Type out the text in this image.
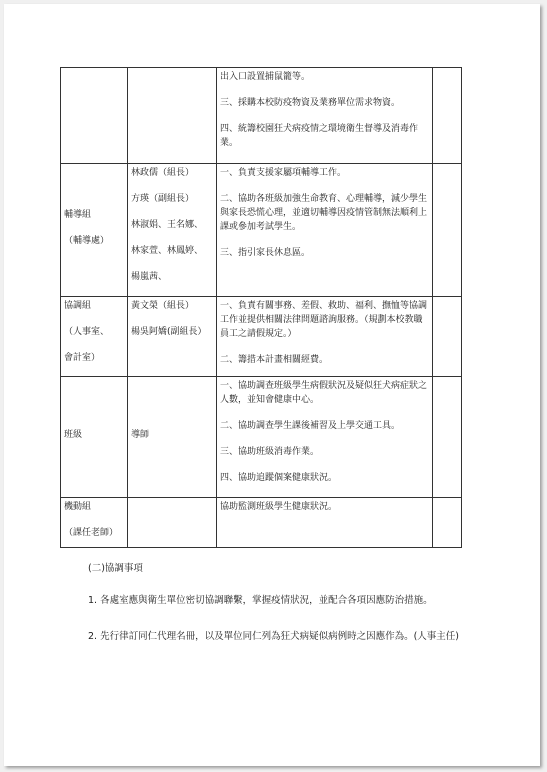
		出入口設置捕鼠籠等。
三、採購本校防疫物資及業務單位需求物資。
四、統籌校園狂犬病疫情之環境衛生督導及消毒作業。	

輔導組
（輔導處）	林政儒（組長）
方瑛（副組長）
林淑娟、王名娜、
林家萱、林鳳婷、
楊嵐茜、	一、負責支援家屬項輔導工作。
二、協助各班級加強生命教育、心理輔導，減少學生與家長恐慌心理，並適切輔導因疫情管制無法順利上課或參加考試學生。
三、指引家長休息區。	

協調組
（人事室、
會計室）	黃文榮（組長）
楊吳阿嬌(副組長）	一、負責有關事務、差假、救助、福利、撫恤等協調工作並提供相關法律問題諮詢服務。（規劃本校教職員工之請假規定。）
二、籌措本計畫相關經費。	

班級	導師	一、協助調查班級學生病假狀況及疑似狂犬病症狀之人數，並知會健康中心。
二、協助調查學生課後補習及上學交通工具。
三、協助班級消毒作業。
四、協助追蹤個案健康狀況。	

機動組
（課任老師）		協助監測班級學生健康狀況。	

(二)協調事項
1. 各處室應與衛生單位密切協調聯繫，掌握疫情狀況，並配合各項因應防治措施。
2. 先行律訂同仁代理名冊，以及單位同仁列為狂犬病疑似病例時之因應作為。(人事主任)
